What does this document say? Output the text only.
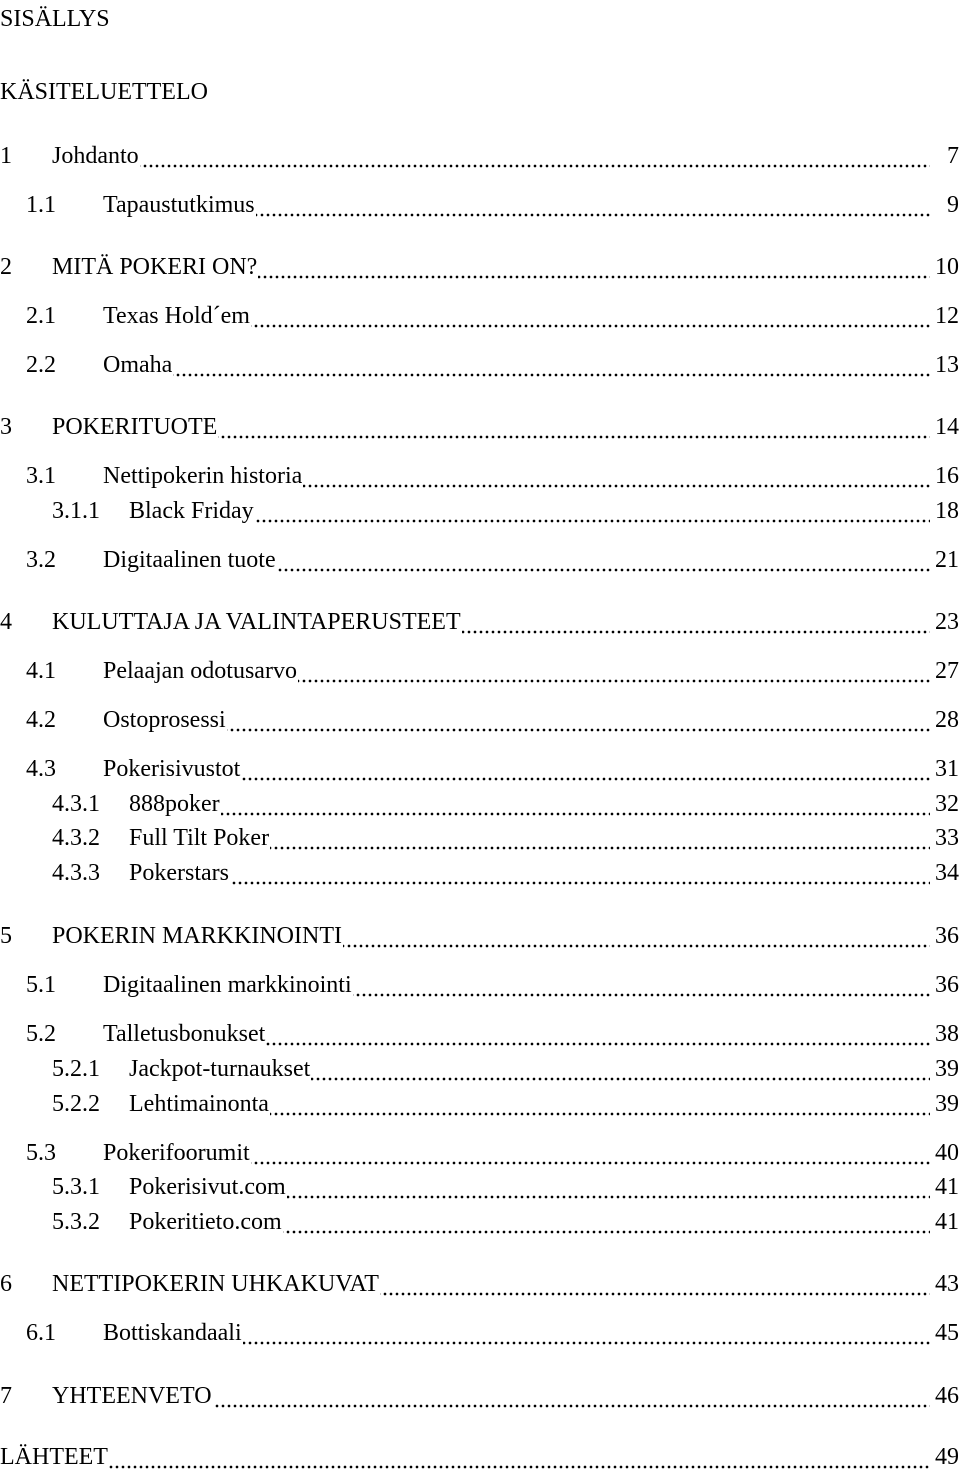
SISÄLLYS
KÄSITELUETTELO
1 Johdanto	7
1.1 Tapaustutkimus	9
2 MITÄ POKERI ON?	10
2.1 Texas Hold´em	12
2.2 Omaha	13
3 POKERITUOTE	14
3.1 Nettipokerin historia	16
3.1.1 Black Friday	18
3.2 Digitaalinen tuote	21
4 KULUTTAJA JA VALINTAPERUSTEET	23
4.1 Pelaajan odotusarvo	27
4.2 Ostoprosessi	28
4.3 Pokerisivustot	31
4.3.1 888poker	32
4.3.2 Full Tilt Poker	33
4.3.3 Pokerstars	34
5 POKERIN MARKKINOINTI	36
5.1 Digitaalinen markkinointi	36
5.2 Talletusbonukset	38
5.2.1 Jackpot-turnaukset	39
5.2.2 Lehtimainonta	39
5.3 Pokerifoorumit	40
5.3.1 Pokerisivut.com	41
5.3.2 Pokeritieto.com	41
6 NETTIPOKERIN UHKAKUVAT	43
6.1 Bottiskandaali	45
7 YHTEENVETO	46
LÄHTEET	49
